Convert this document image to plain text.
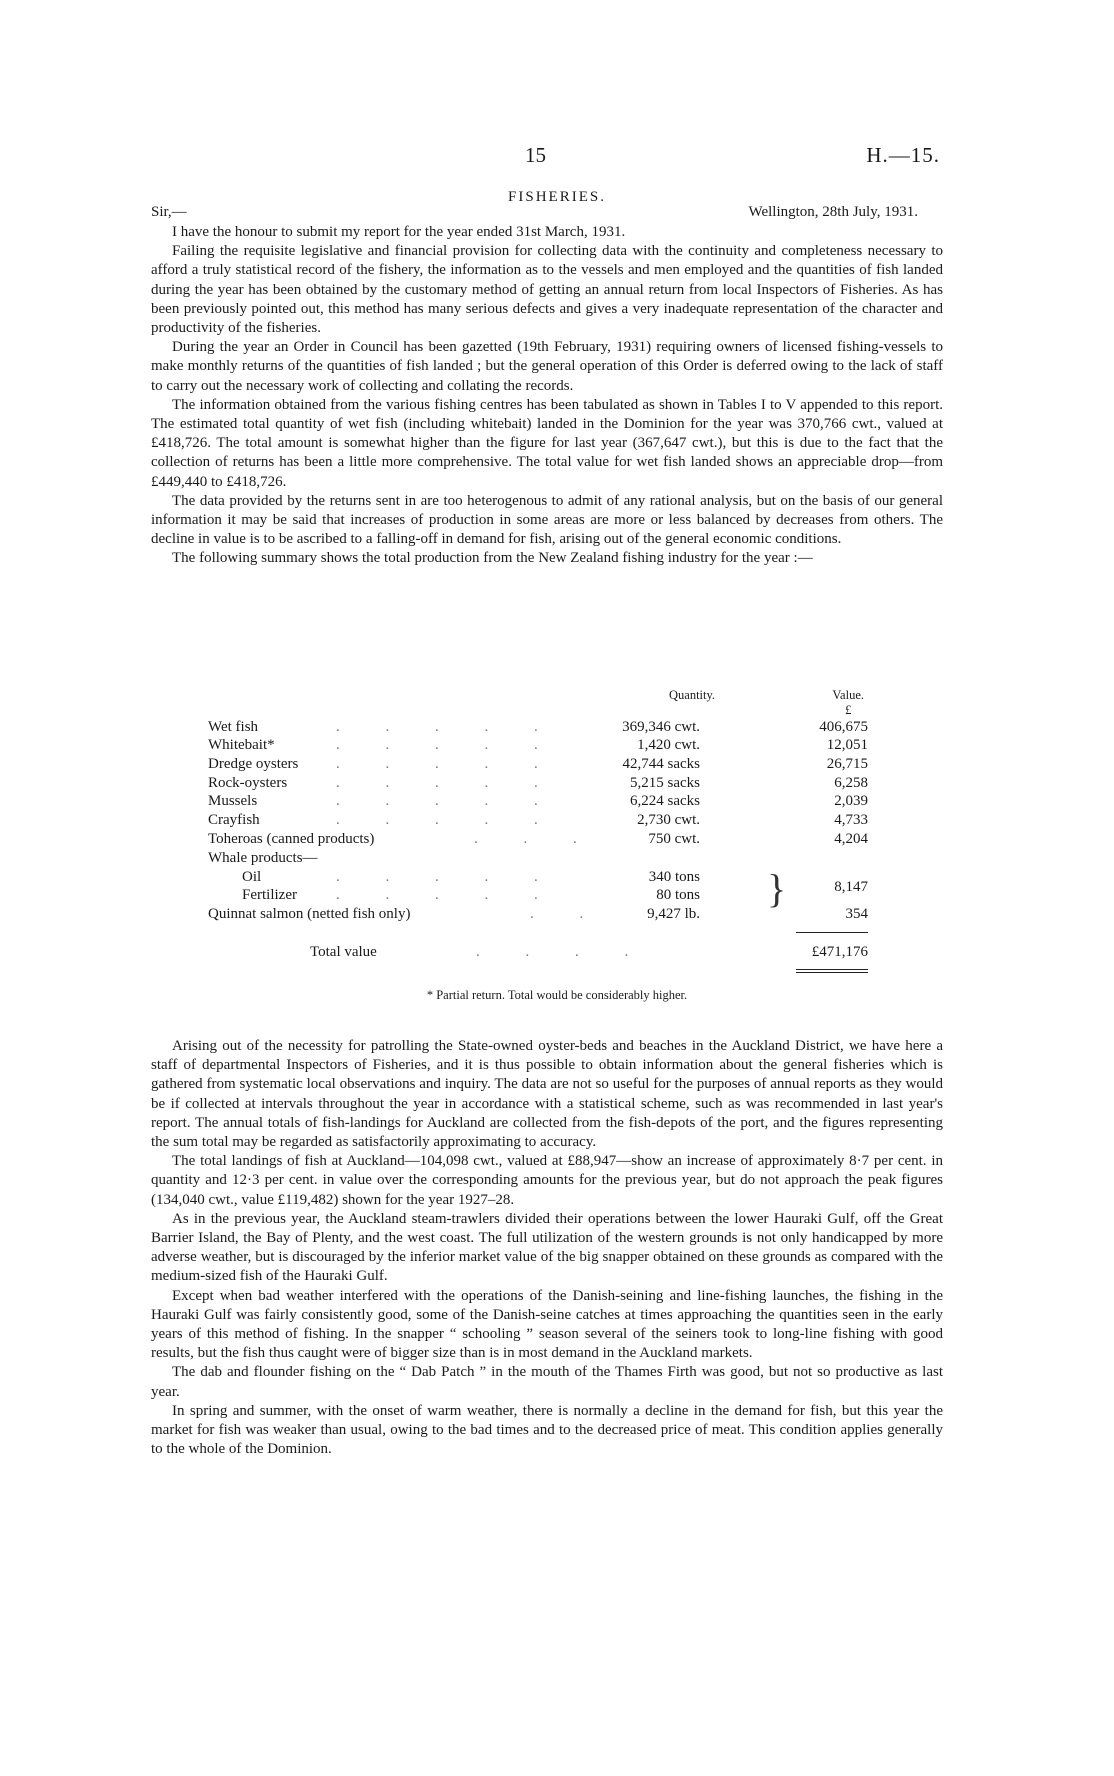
15	H.—15.
FISHERIES.
Sir,—	Wellington, 28th July, 1931.

I have the honour to submit my report for the year ended 31st March, 1931.

Failing the requisite legislative and financial provision for collecting data with the continuity and completeness necessary to afford a truly statistical record of the fishery, the information as to the vessels and men employed and the quantities of fish landed during the year has been obtained by the customary method of getting an annual return from local Inspectors of Fisheries. As has been previously pointed out, this method has many serious defects and gives a very inadequate representation of the character and productivity of the fisheries.

During the year an Order in Council has been gazetted (19th February, 1931) requiring owners of licensed fishing-vessels to make monthly returns of the quantities of fish landed ; but the general operation of this Order is deferred owing to the lack of staff to carry out the necessary work of collecting and collating the records.

The information obtained from the various fishing centres has been tabulated as shown in Tables I to V appended to this report. The estimated total quantity of wet fish (including whitebait) landed in the Dominion for the year was 370,766 cwt., valued at £418,726. The total amount is somewhat higher than the figure for last year (367,647 cwt.), but this is due to the fact that the collection of returns has been a little more comprehensive. The total value for wet fish landed shows an appreciable drop—from £449,440 to £418,726.

The data provided by the returns sent in are too heterogenous to admit of any rational analysis, but on the basis of our general information it may be said that increases of production in some areas are more or less balanced by decreases from others. The decline in value is to be ascribed to a falling-off in demand for fish, arising out of the general economic conditions.

The following summary shows the total production from the New Zealand fishing industry for the year :—

Quantity.	Value.
£
Wet fish	. . . . .	369,346 cwt.	406,675
Whitebait*	. . . . .	1,420 cwt.	12,051
Dredge oysters	. . . . .	42,744 sacks	26,715
Rock-oysters	. . . . .	5,215 sacks	6,258
Mussels	. . . . .	6,224 sacks	2,039
Crayfish	. . . . .	2,730 cwt.	4,733
Toheroas (canned products)	. . .	750 cwt.	4,204
Whale products—
Oil	. . . . .	340 tons
Fertilizer	. . . . .	80 tons }	8,147
Quinnat salmon (netted fish only)	. .	9,427 lb.	354
Total value	. . . .	£471,176
* Partial return. Total would be considerably higher.

Arising out of the necessity for patrolling the State-owned oyster-beds and beaches in the Auckland District, we have here a staff of departmental Inspectors of Fisheries, and it is thus possible to obtain information about the general fisheries which is gathered from systematic local observations and inquiry. The data are not so useful for the purposes of annual reports as they would be if collected at intervals throughout the year in accordance with a statistical scheme, such as was recommended in last year's report. The annual totals of fish-landings for Auckland are collected from the fish-depots of the port, and the figures representing the sum total may be regarded as satisfactorily approximating to accuracy.

The total landings of fish at Auckland—104,098 cwt., valued at £88,947—show an increase of approximately 8·7 per cent. in quantity and 12·3 per cent. in value over the corresponding amounts for the previous year, but do not approach the peak figures (134,040 cwt., value £119,482) shown for the year 1927–28.

As in the previous year, the Auckland steam-trawlers divided their operations between the lower Hauraki Gulf, off the Great Barrier Island, the Bay of Plenty, and the west coast. The full utilization of the western grounds is not only handicapped by more adverse weather, but is discouraged by the inferior market value of the big snapper obtained on these grounds as compared with the medium-sized fish of the Hauraki Gulf.

Except when bad weather interfered with the operations of the Danish-seining and line-fishing launches, the fishing in the Hauraki Gulf was fairly consistently good, some of the Danish-seine catches at times approaching the quantities seen in the early years of this method of fishing. In the snapper “ schooling ” season several of the seiners took to long-line fishing with good results, but the fish thus caught were of bigger size than is in most demand in the Auckland markets.

The dab and flounder fishing on the “ Dab Patch ” in the mouth of the Thames Firth was good, but not so productive as last year.

In spring and summer, with the onset of warm weather, there is normally a decline in the demand for fish, but this year the market for fish was weaker than usual, owing to the bad times and to the decreased price of meat. This condition applies generally to the whole of the Dominion.
